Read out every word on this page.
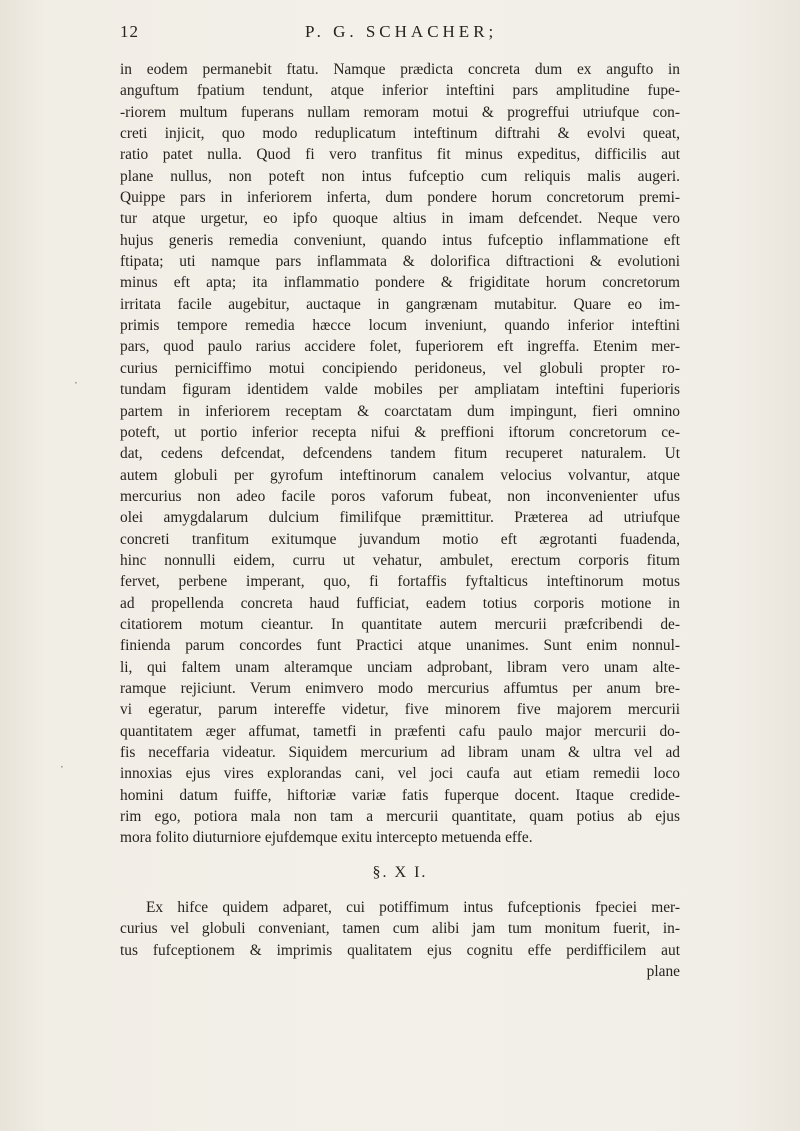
12	P. G. SCHACHER;
in eodem permanebit ftatu. Namque prædicta concreta dum ex angufto in
anguftum fpatium tendunt, atque inferior inteftini pars amplitudine fupe-
-riorem multum fuperans nullam remoram motui & progreffui utriufque con-
creti injicit, quo modo reduplicatum inteftinum diftrahi & evolvi queat,
ratio patet nulla. Quod fi vero tranfitus fit minus expeditus, difficilis aut
plane nullus, non poteft non intus fufceptio cum reliquis malis augeri.
Quippe pars in inferiorem inferta, dum pondere horum concretorum premi-
tur atque urgetur, eo ipfo quoque altius in imam defcendet. Neque vero
hujus generis remedia conveniunt, quando intus fufceptio inflammatione eft
ftipata; uti namque pars inflammata & dolorifica diftractioni & evolutioni
minus eft apta; ita inflammatio pondere & frigiditate horum concretorum
irritata facile augebitur, auctaque in gangrænam mutabitur. Quare eo im-
primis tempore remedia hæcce locum inveniunt, quando inferior inteftini
pars, quod paulo rarius accidere folet, fuperiorem eft ingreffa. Etenim mer-
curius perniciffimo motui concipiendo peridoneus, vel globuli propter ro-
tundam figuram identidem valde mobiles per ampliatam inteftini fuperioris
partem in inferiorem receptam & coarctatam dum impingunt, fieri omnino
poteft, ut portio inferior recepta nifui & preffioni iftorum concretorum ce-
dat, cedens defcendat, defcendens tandem fitum recuperet naturalem. Ut
autem globuli per gyrofum inteftinorum canalem velocius volvantur, atque
mercurius non adeo facile poros vaforum fubeat, non inconvenienter ufus
olei amygdalarum dulcium fimilifque præmittitur. Præterea ad utriufque
concreti tranfitum exitumque juvandum motio eft ægrotanti fuadenda,
hinc nonnulli eidem, curru ut vehatur, ambulet, erectum corporis fitum
fervet, perbene imperant, quo, fi fortaffis fyftalticus inteftinorum motus
ad propellenda concreta haud fufficiat, eadem totius corporis motione in
citatiorem motum cieantur. In quantitate autem mercurii præfcribendi de-
finienda parum concordes funt Practici atque unanimes. Sunt enim nonnul-
li, qui faltem unam alteramque unciam adprobant, libram vero unam alte-
ramque rejiciunt. Verum enimvero modo mercurius affumtus per anum bre-
vi egeratur, parum intereffe videtur, five minorem five majorem mercurii
quantitatem æger affumat, tametfi in præfenti cafu paulo major mercurii do-
fis neceffaria videatur. Siquidem mercurium ad libram unam & ultra vel ad
innoxias ejus vires explorandas cani, vel joci caufa aut etiam remedii loco
homini datum fuiffe, hiftoriæ variæ fatis fuperque docent. Itaque credide-
rim ego, potiora mala non tam a mercurii quantitate, quam potius ab ejus
mora folito diuturniore ejufdemque exitu intercepto metuenda effe.
§. X I.
Ex hifce quidem adparet, cui potiffimum intus fufceptionis fpeciei mer-
curius vel globuli conveniant, tamen cum alibi jam tum monitum fuerit, in-
tus fufceptionem & imprimis qualitatem ejus cognitu effe perdifficilem aut
plane
·
·
